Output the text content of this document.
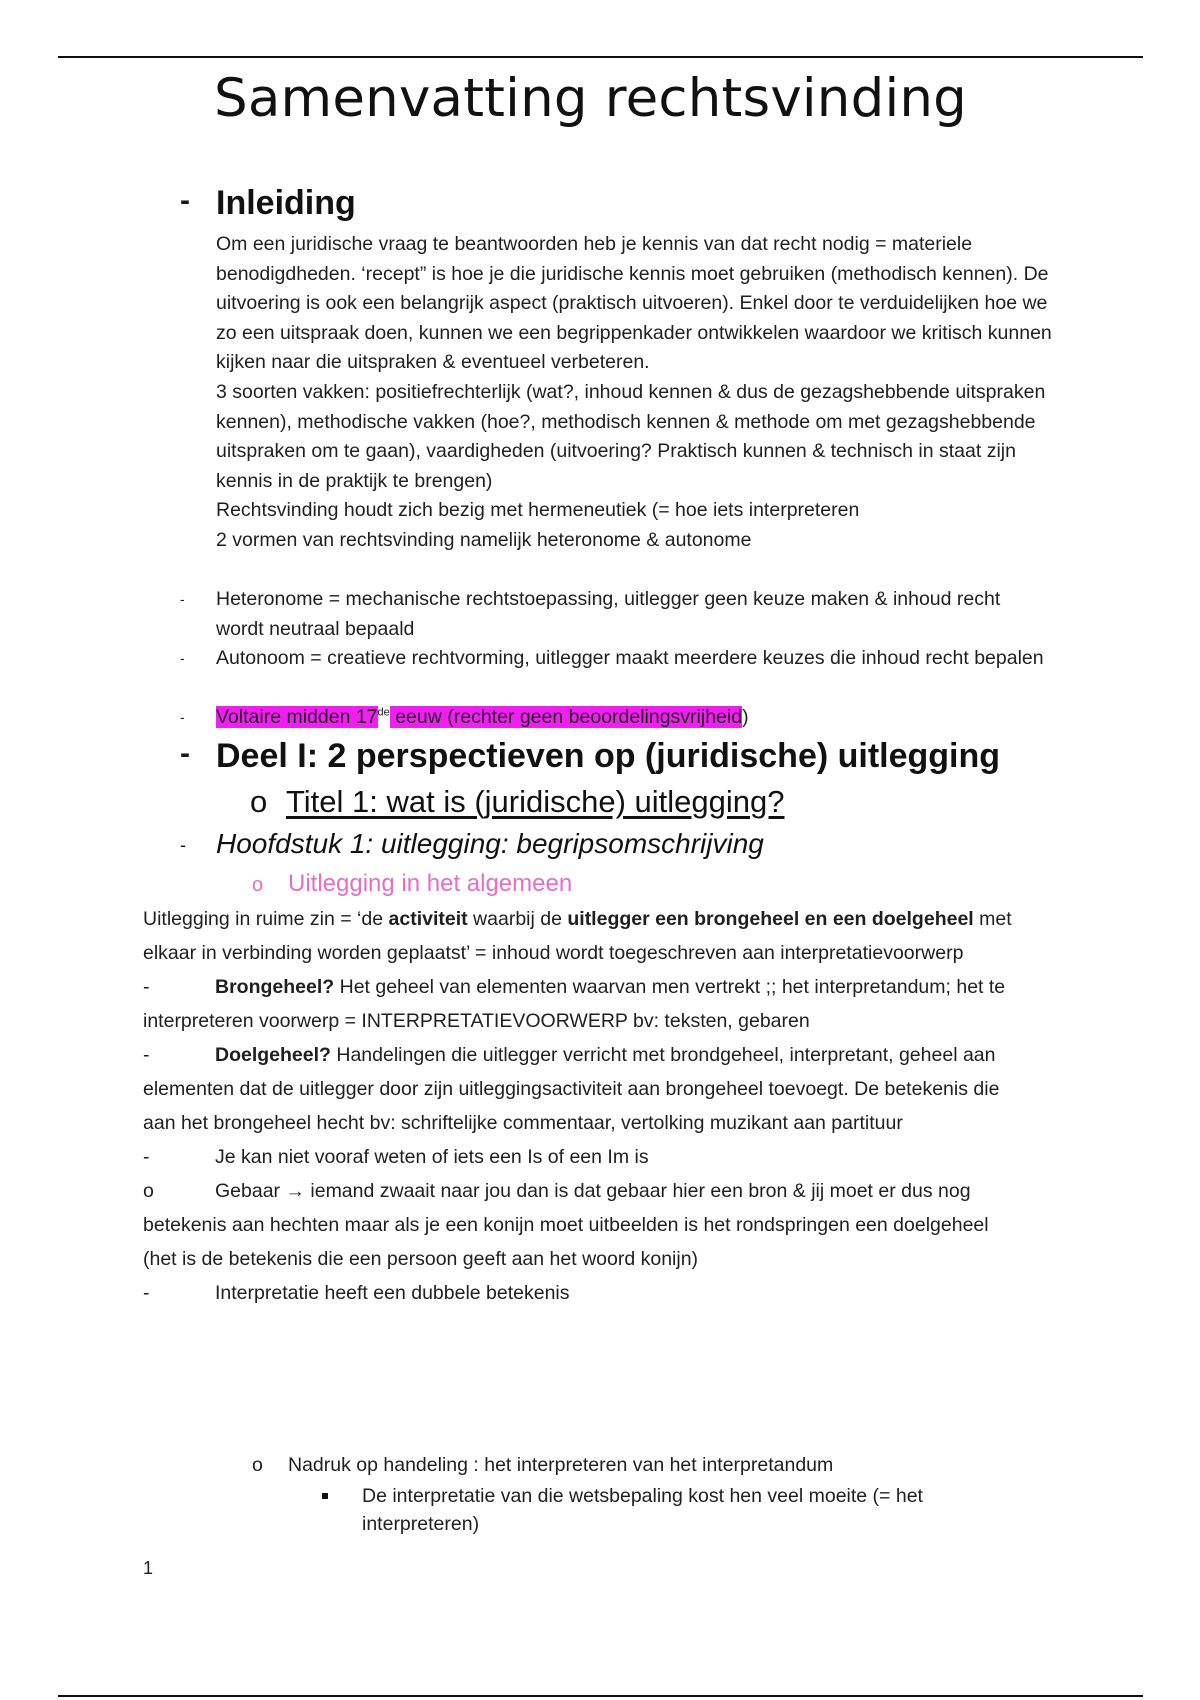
Samenvatting rechtsvinding
- Inleiding

Om een juridische vraag te beantwoorden heb je kennis van dat recht nodig = materiele benodigdheden. ‘recept” is hoe je die juridische kennis moet gebruiken (methodisch kennen). De uitvoering is ook een belangrijk aspect (praktisch uitvoeren). Enkel door te verduidelijken hoe we zo een uitspraak doen, kunnen we een begrippenkader ontwikkelen waardoor we kritisch kunnen kijken naar die uitspraken & eventueel verbeteren.

3 soorten vakken: positiefrechterlijk (wat?, inhoud kennen & dus de gezagshebbende uitspraken kennen), methodische vakken (hoe?, methodisch kennen & methode om met gezagshebbende uitspraken om te gaan), vaardigheden (uitvoering? Praktisch kunnen & technisch in staat zijn kennis in de praktijk te brengen)

Rechtsvinding houdt zich bezig met hermeneutiek (= hoe iets interpreteren

2 vormen van rechtsvinding namelijk heteronome & autonome

- Heteronome = mechanische rechtstoepassing, uitlegger geen keuze maken & inhoud recht wordt neutraal bepaald
- Autonoom = creatieve rechtvorming, uitlegger maakt meerdere keuzes die inhoud recht bepalen
- Voltaire midden 17de eeuw (rechter geen beoordelingsvrijheid)
- Deel I: 2 perspectieven op (juridische) uitlegging
o Titel 1: wat is (juridische) uitlegging?
- Hoofdstuk 1: uitlegging: begripsomschrijving
o Uitlegging in het algemeen

Uitlegging in ruime zin = ‘de activiteit waarbij de uitlegger een brongeheel en een doelgeheel met elkaar in verbinding worden geplaatst’ = inhoud wordt toegeschreven aan interpretatievoorwerp

-	Brongeheel? Het geheel van elementen waarvan men vertrekt ;; het interpretandum; het te interpreteren voorwerp = INTERPRETATIEVOORWERP bv: teksten, gebaren

-	Doelgeheel? Handelingen die uitlegger verricht met brondgeheel, interpretant, geheel aan elementen dat de uitlegger door zijn uitleggingsactiviteit aan brongeheel toevoegt. De betekenis die aan het brongeheel hecht bv: schriftelijke commentaar, vertolking muzikant aan partituur

-	Je kan niet vooraf weten of iets een Is of een Im is

o	Gebaar → iemand zwaait naar jou dan is dat gebaar hier een bron & jij moet er dus nog betekenis aan hechten maar als je een konijn moet uitbeelden is het rondspringen een doelgeheel (het is de betekenis die een persoon geeft aan het woord konijn)

-	Interpretatie heeft een dubbele betekenis

o Nadruk op handeling : het interpreteren van het interpretandum
De interpretatie van die wetsbepaling kost hen veel moeite (= het interpreteren)
1
